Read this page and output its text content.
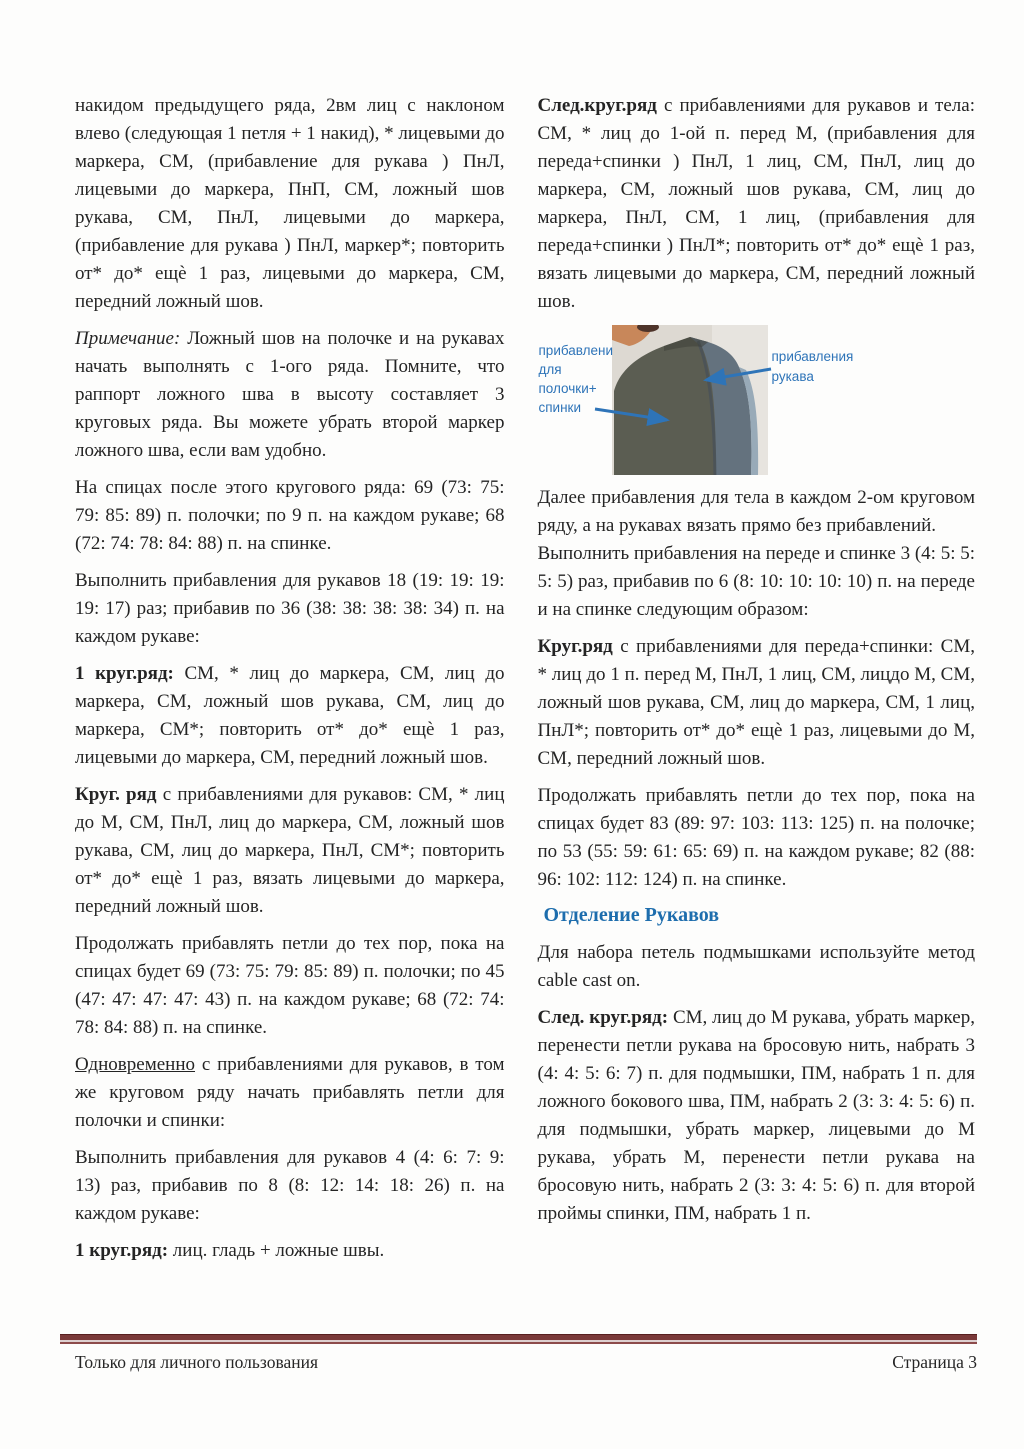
накидом предыдущего ряда, 2вм лиц с наклоном влево (следующая 1 петля + 1 накид), * лицевыми до маркера, СМ, (прибавление для рукава ) ПнЛ, лицевыми до маркера, ПнП, СМ, ложный шов рукава, СМ, ПнЛ, лицевыми до маркера, (прибавление для рукава ) ПнЛ, маркер*; повторить от* до* ещѐ 1 раз, лицевыми до маркера, СМ, передний ложный шов.

Примечание: Ложный шов на полочке и на рукавах начать выполнять с 1-ого ряда. Помните, что раппорт ложного шва в высоту составляет 3 круговых ряда. Вы можете убрать второй маркер ложного шва, если вам удобно.

На спицах после этого кругового ряда: 69 (73: 75: 79: 85: 89) п. полочки; по 9 п. на каждом рукаве; 68 (72: 74: 78: 84: 88) п. на спинке.

Выполнить прибавления для рукавов 18 (19: 19: 19: 19: 17) раз; прибавив по 36 (38: 38: 38: 38: 34) п. на каждом рукаве:

1 круг.ряд: СМ, * лиц до маркера, СМ, лиц до маркера, СМ, ложный шов рукава, СМ, лиц до маркера, СМ*; повторить от* до* ещѐ 1 раз, лицевыми до маркера, СМ, передний ложный шов.

Круг. ряд с прибавлениями для рукавов: СМ, * лиц до М, СМ, ПнЛ, лиц до маркера, СМ, ложный шов рукава, СМ, лиц до маркера, ПнЛ, СМ*; повторить от* до* ещѐ 1 раз, вязать лицевыми до маркера, передний ложный шов.

Продолжать прибавлять петли до тех пор, пока на спицах будет 69 (73: 75: 79: 85: 89) п. полочки; по 45 (47: 47: 47: 47: 43) п. на каждом рукаве; 68 (72: 74: 78: 84: 88) п. на спинке.

Одновременно с прибавлениями для рукавов, в том же круговом ряду начать прибавлять петли для полочки и спинки:

Выполнить прибавления для рукавов 4 (4: 6: 7: 9: 13) раз, прибавив по 8 (8: 12: 14: 18: 26) п. на каждом рукаве:

1 круг.ряд: лиц. гладь + ложные швы.

След.круг.ряд с прибавлениями для рукавов и тела: СМ, * лиц до 1-ой п. перед М, (прибавления для переда+спинки ) ПнЛ, 1 лиц, СМ, ПнЛ, лиц до маркера, СМ, ложный шов рукава, СМ, лиц до маркера, ПнЛ, СМ, 1 лиц, (прибавления для переда+спинки ) ПнЛ*; повторить от* до* ещѐ 1 раз, вязать лицевыми до маркера, СМ, передний ложный шов.

прибавлени
для
полочки+
спинки
прибавления
рукава

Далее прибавления для тела в каждом 2-ом круговом ряду, а на рукавах вязать прямо без прибавлений.

Выполнить прибавления на переде и спинке 3 (4: 5: 5: 5: 5) раз, прибавив по 6 (8: 10: 10: 10: 10) п. на переде и на спинке следующим образом:

Круг.ряд с прибавлениями для переда+спинки: СМ, * лиц до 1 п. перед М, ПнЛ, 1 лиц, СМ, лицдо М, СМ, ложный шов рукава, СМ, лиц до маркера, СМ, 1 лиц, ПнЛ*; повторить от* до* ещѐ 1 раз, лицевыми до М, СМ, передний ложный шов.

Продолжать прибавлять петли до тех пор, пока на спицах будет 83 (89: 97: 103: 113: 125) п. на полочке; по 53 (55: 59: 61: 65: 69) п. на каждом рукаве; 82 (88: 96: 102: 112: 124) п. на спинке.

Отделение Рукавов

Для набора петель подмышками используйте метод cable cast on.

След. круг.ряд: СМ, лиц до М рукава, убрать маркер, перенести петли рукава на бросовую нить, набрать 3 (4: 4: 5: 6: 7) п. для подмышки, ПМ, набрать 1 п. для ложного бокового шва, ПМ, набрать 2 (3: 3: 4: 5: 6) п. для подмышки, убрать маркер, лицевыми до М рукава, убрать М, перенести петли рукава на бросовую нить, набрать 2 (3: 3: 4: 5: 6) п. для второй проймы спинки, ПМ, набрать 1 п.

Только для личного пользования	Страница 3
